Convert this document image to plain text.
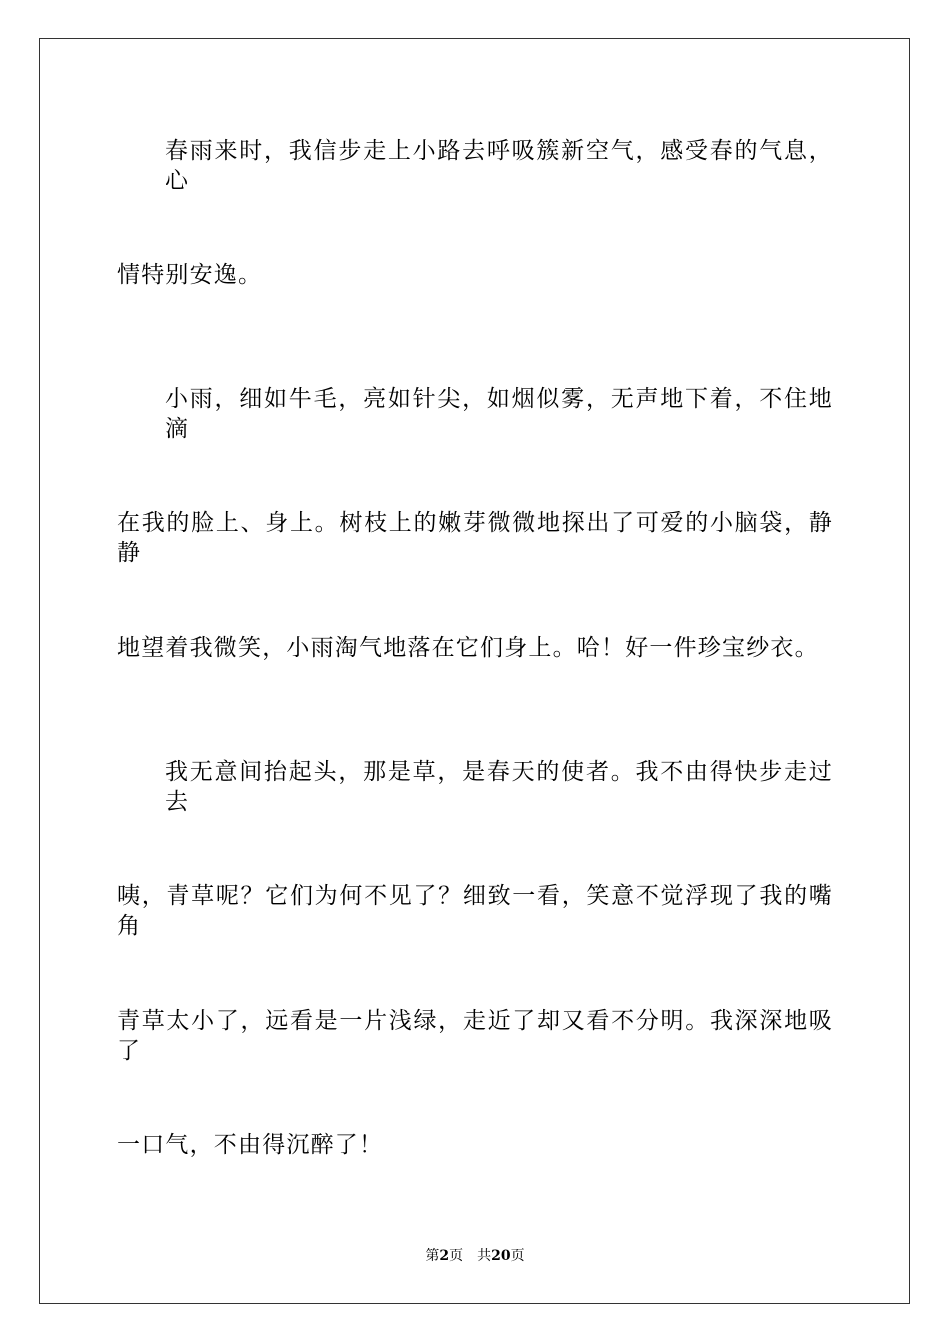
春雨来时，我信步走上小路去呼吸簇新空气，感受春的气息，心
情特别安逸。
小雨，细如牛毛，亮如针尖，如烟似雾，无声地下着，不住地滴
在我的脸上、身上。树枝上的嫩芽微微地探出了可爱的小脑袋，静静
地望着我微笑，小雨淘气地落在它们身上。哈！好一件珍宝纱衣。
我无意间抬起头，那是草，是春天的使者。我不由得快步走过去
咦，青草呢？它们为何不见了？细致一看，笑意不觉浮现了我的嘴角
青草太小了，远看是一片浅绿，走近了却又看不分明。我深深地吸了
一口气，不由得沉醉了！
第2页 共20页
